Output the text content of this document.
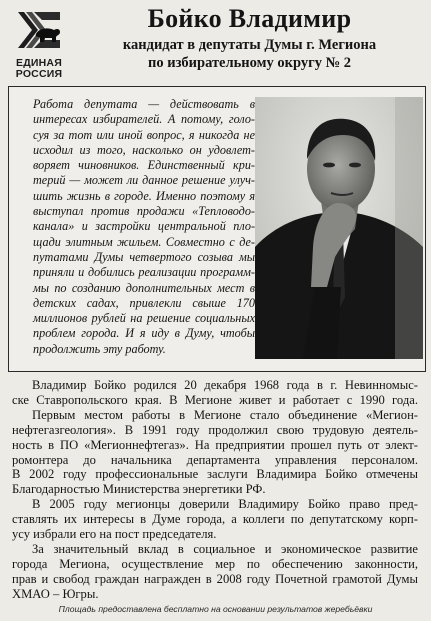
ЕДИНАЯ
РОССИЯ
Бойко Владимир
кандидат в депутаты Думы г. Мегиона
по избирательному округу № 2
Работа депутата — действовать в
интересах избирателей. А потому, голо-
суя за тот или иной вопрос, я никогда не
исходил из того, насколько он удовлет-
воряет чиновников. Единственный кри-
терий — может ли данное решение улуч-
шить жизнь в городе. Именно поэтому я
выступал против продажи «Тепловодо-
канала» и застройки центральной пло-
щади элитным жильем. Совместно с де-
путатами Думы четвертого созыва мы
приняли и добились реализации программ-
мы по созданию дополнительных мест в
детских садах, привлекли свыше 170
миллионов рублей на решение социальных
проблем города. И я иду в Думу, чтобы
продолжить эту работу.
Владимир Бойко родился 20 декабря 1968 года в г. Невинномыс-
ске Ставропольского края. В Мегионе живет и работает с 1990 года.
Первым местом работы в Мегионе стало объединение «Мегион-
нефтегазгеология». В 1991 году продолжил свою трудовую деятель-
ность в ПО «Мегионнефтегаз». На предприятии прошел путь от элект-
ромонтера до начальника департамента управления персоналом.
В 2002 году профессиональные заслуги Владимира Бойко отмечены
Благодарностью Министерства энергетики РФ.
В 2005 году мегионцы доверили Владимиру Бойко право пред-
ставлять их интересы в Думе города, а коллеги по депутатскому корп-
усу избрали его на пост председателя.
За значительный вклад в социальное и экономическое развитие
города Мегиона, осуществление мер по обеспечению законности,
прав и свобод граждан награжден в 2008 году Почетной грамотой Думы
ХМАО – Югры.
Площадь предоставлена бесплатно на основании результатов жеребьёвки
